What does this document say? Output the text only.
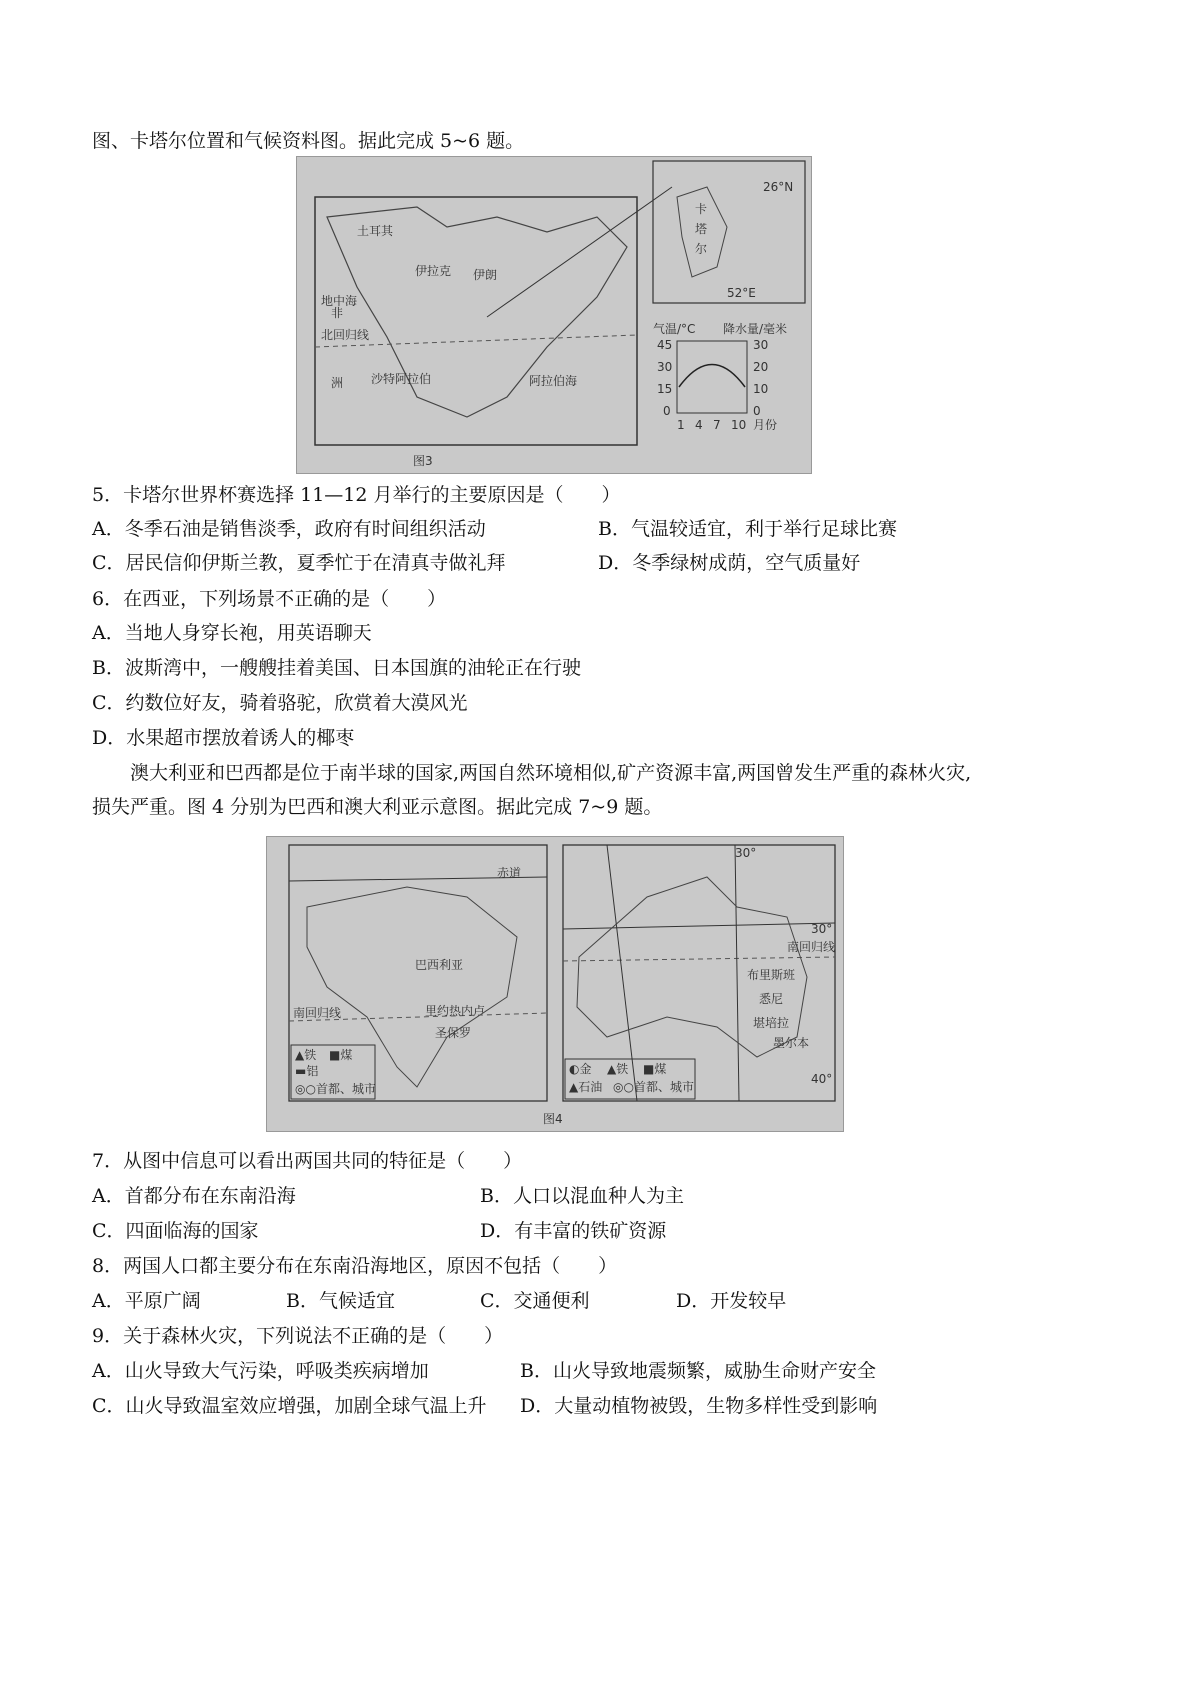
图、卡塔尔位置和气候资料图。据此完成 5~6 题。
土耳其
地中海
伊拉克 伊朗
北回归线
沙特阿拉伯	阿拉伯海
洲
非
卡
塔
尔
26°N
52°E
气温/°C 降水量/毫米
45
30
15
0
30
20
10
0
1 4 7 10 月份
图3
5．卡塔尔世界杯赛选择 11—12 月举行的主要原因是（　　）
A．冬季石油是销售淡季，政府有时间组织活动	B．气温较适宜，利于举行足球比赛
C．居民信仰伊斯兰教，夏季忙于在清真寺做礼拜	D．冬季绿树成荫，空气质量好
6．在西亚，下列场景不正确的是（　　）
A．当地人身穿长袍，用英语聊天
B．波斯湾中，一艘艘挂着美国、日本国旗的油轮正在行驶
C．约数位好友，骑着骆驼，欣赏着大漠风光
D．水果超市摆放着诱人的椰枣
澳大利亚和巴西都是位于南半球的国家,两国自然环境相似,矿产资源丰富,两国曾发生严重的森林火灾,
损失严重。图 4 分别为巴西和澳大利亚示意图。据此完成 7~9 题。
赤道
巴西利亚
里约热内卢
圣保罗
南回归线
▲铁 ■煤
▬铝
◎○首都、城市
30°
30°
南回归线
布里斯班
悉尼
堪培拉
墨尔本
40°
◐金 ▲铁 ■煤
▲石油 ◎○首都、城市
图4
7．从图中信息可以看出两国共同的特征是（　　）
A．首都分布在东南沿海	B．人口以混血种人为主
C．四面临海的国家	D．有丰富的铁矿资源
8．两国人口都主要分布在东南沿海地区，原因不包括（　　）
A．平原广阔	B．气候适宜	C．交通便利	D．开发较早
9．关于森林火灾，下列说法不正确的是（　　）
A．山火导致大气污染，呼吸类疾病增加	B．山火导致地震频繁，威胁生命财产安全
C．山火导致温室效应增强，加剧全球气温上升 D．大量动植物被毁，生物多样性受到影响
